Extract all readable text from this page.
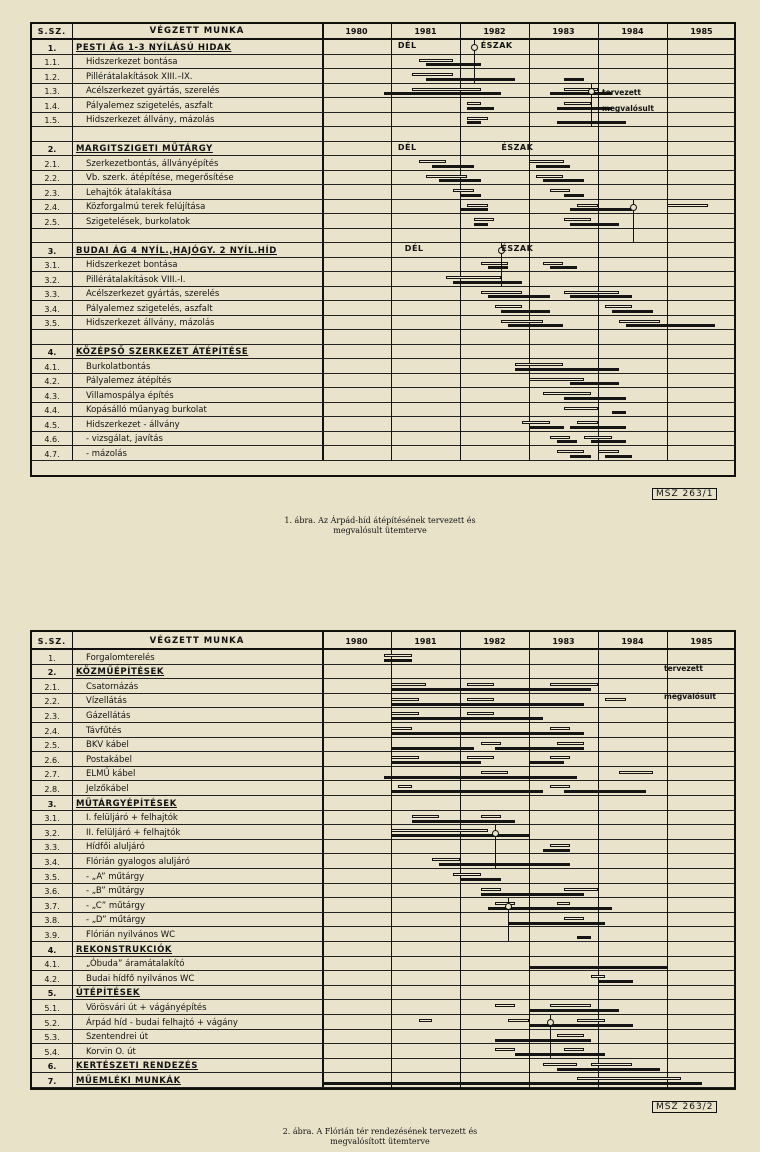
S.SZ.	VÉGZETT MUNKA	1980	1981	1982	1983	1984	1985
1.	PESTI ÁG 1-3 NYÍLÁSÚ HIDAK
1.1.	Hidszerkezet bontása
1.2.	Pillérátalakítások XIII.–IX.
1.3.	Acélszerkezet gyártás, szerelés
1.4.	Pályalemez szigetelés, aszfalt
1.5.	Hidszerkezet állvány, mázolás
2.	MARGITSZIGETI MŰTÁRGY
2.1.	Szerkezetbontás, állványépítés
2.2.	Vb. szerk. átépítése, megerősítése
2.3.	Lehajtók átalakítása
2.4.	Közforgalmú terek felújítása
2.5.	Szigetelések, burkolatok
3.	BUDAI ÁG 4 NYÍL.,HAJÓGY. 2 NYÍL.HÍD
3.1.	Hidszerkezet bontása
3.2.	Pillérátalakítások VIII.-I.
3.3.	Acélszerkezet gyártás, szerelés
3.4.	Pályalemez szigetelés, aszfalt
3.5.	Hidszerkezet állvány, mázolás
4.	KÖZÉPSŐ SZERKEZET ÁTÉPÍTÉSE
4.1.	Burkolatbontás
4.2.	Pályalemez átépítés
4.3.	Villamospálya építés
4.4.	Kopásálló műanyag burkolat
4.5.	Hidszerkezet - állvány
4.6.	- vizsgálat, javítás
4.7.	- mázolás
DÉL	ÉSZAK
DÉL	ÉSZAK
DÉL	ÉSZAK
tervezett
megvalósult
MSZ 263/1
1. ábra. Az Árpád-híd átépítésének tervezett és
megvalósult ütemterve
S.SZ.	VÉGZETT MUNKA	1980	1981	1982	1983	1984	1985
1.	Forgalomterelés
2.	KÖZMŰÉPÍTÉSEK
2.1.	Csatornázás
2.2.	Vízellátás
2.3.	Gázellátás
2.4.	Távfűtés
2.5.	BKV kábel
2.6.	Postakábel
2.7.	ELMŰ kábel
2.8.	Jelzőkábel
3.	MŰTÁRGYÉPÍTÉSEK
3.1.	I. felüljáró + felhajtók
3.2.	II. felüljáró + felhajtók
3.3.	Hídfői aluljáró
3.4.	Flórián gyalogos aluljáró
3.5.	- „A” műtárgy
3.6.	- „B” műtárgy
3.7.	- „C” műtárgy
3.8.	- „D” műtárgy
3.9.	Flórián nyilvános WC
4.	REKONSTRUKCIÓK
4.1.	„Óbuda” áramátalakító
4.2.	Budai hídfő nyilvános WC
5.	ÚTÉPÍTÉSEK
5.1.	Vörösvári út + vágányépítés
5.2.	Árpád híd - budai felhajtó + vágány
5.3.	Szentendrei út
5.4.	Korvin O. út
6.	KERTÉSZETI RENDEZÉS
7.	MŰEMLÉKI MUNKÁK
tervezett
megvalósult
MSZ 263/2
2. ábra. A Flórián tér rendezésének tervezett és
megvalósított ütemterve
